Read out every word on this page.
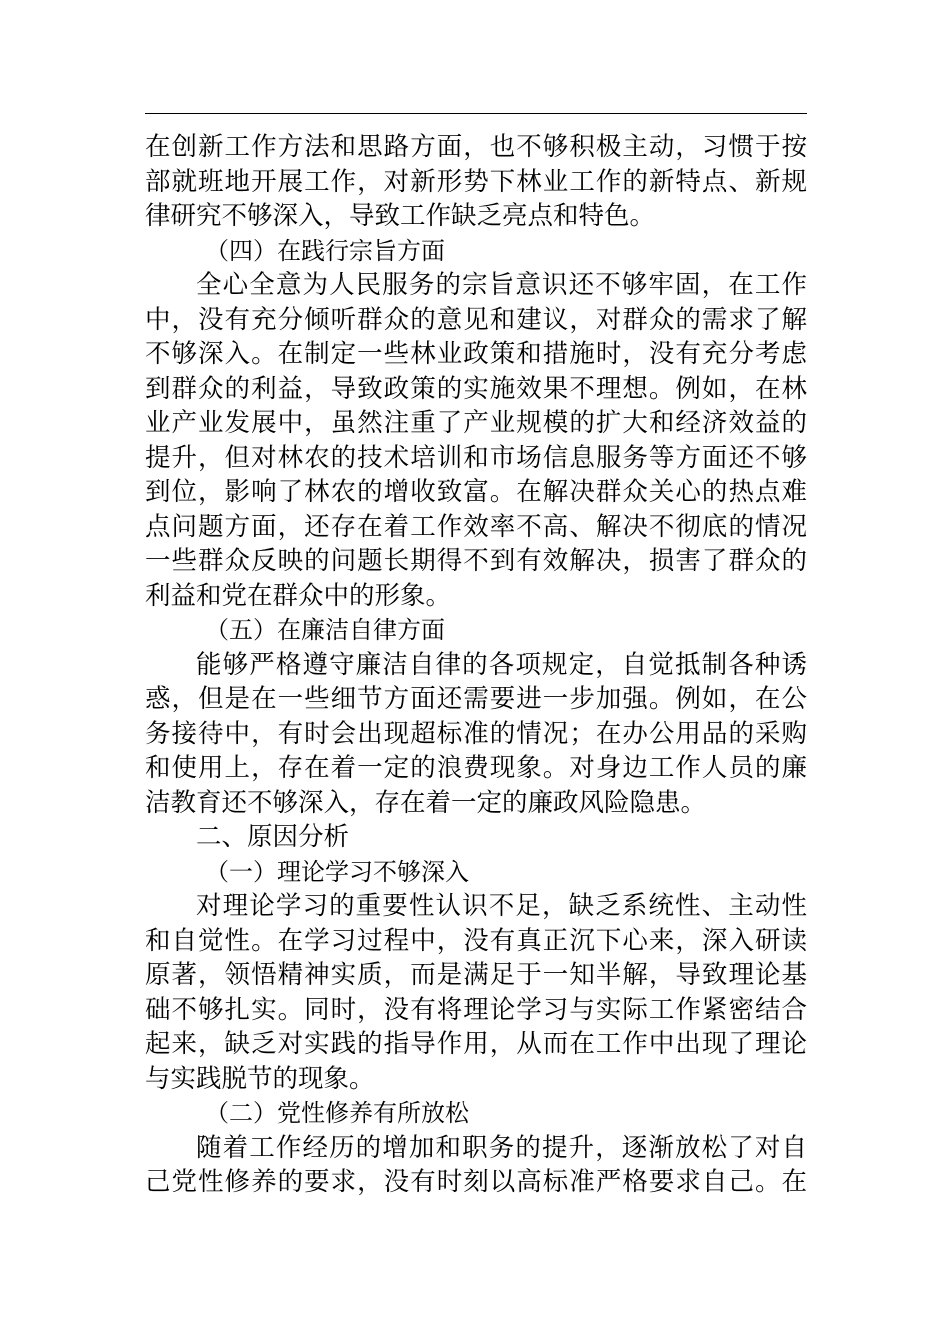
在创新工作方法和思路方面，也不够积极主动，习惯于按
部就班地开展工作，对新形势下林业工作的新特点、新规
律研究不够深入，导致工作缺乏亮点和特色。
（四）在践行宗旨方面
全心全意为人民服务的宗旨意识还不够牢固，在工作
中，没有充分倾听群众的意见和建议，对群众的需求了解
不够深入。在制定一些林业政策和措施时，没有充分考虑
到群众的利益，导致政策的实施效果不理想。例如，在林
业产业发展中，虽然注重了产业规模的扩大和经济效益的
提升，但对林农的技术培训和市场信息服务等方面还不够
到位，影响了林农的增收致富。在解决群众关心的热点难
点问题方面，还存在着工作效率不高、解决不彻底的情况
一些群众反映的问题长期得不到有效解决，损害了群众的
利益和党在群众中的形象。
（五）在廉洁自律方面
能够严格遵守廉洁自律的各项规定，自觉抵制各种诱
惑，但是在一些细节方面还需要进一步加强。例如，在公
务接待中，有时会出现超标准的情况；在办公用品的采购
和使用上，存在着一定的浪费现象。对身边工作人员的廉
洁教育还不够深入，存在着一定的廉政风险隐患。
二、原因分析
（一）理论学习不够深入
对理论学习的重要性认识不足，缺乏系统性、主动性
和自觉性。在学习过程中，没有真正沉下心来，深入研读
原著，领悟精神实质，而是满足于一知半解，导致理论基
础不够扎实。同时，没有将理论学习与实际工作紧密结合
起来，缺乏对实践的指导作用，从而在工作中出现了理论
与实践脱节的现象。
（二）党性修养有所放松
随着工作经历的增加和职务的提升，逐渐放松了对自
己党性修养的要求，没有时刻以高标准严格要求自己。在
